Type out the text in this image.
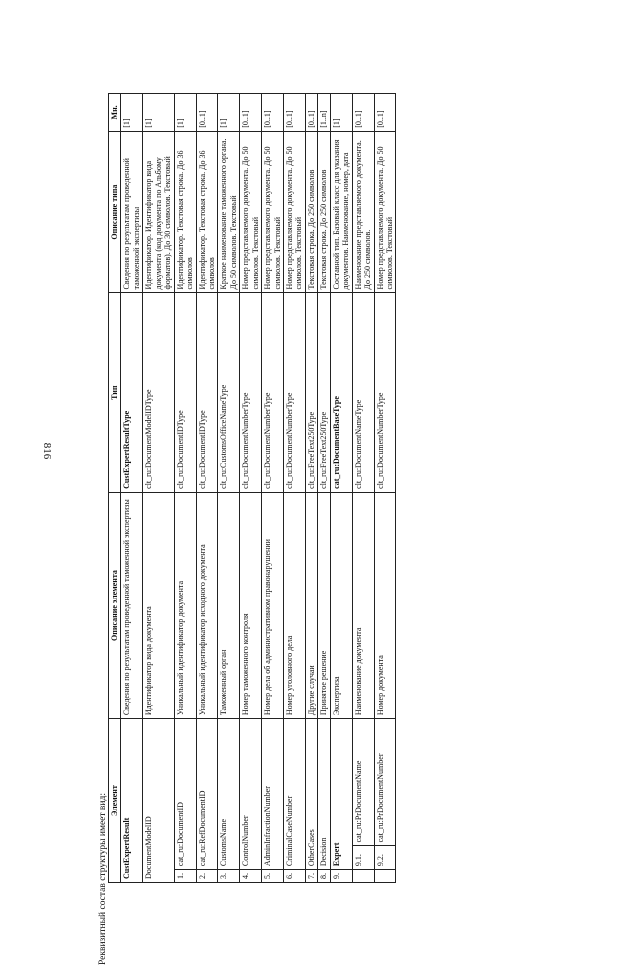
816
Реквизитный состав структуры имеет вид: Элемент			Описание элемента	Тип	Описание типа	Мн.
CustExpertResult			Сведения по результатам проведенной таможенной экспертизы	CustExpertResultType	Сведения по результатам проведенной таможенной экспертизы	[1]
DocumentModelID			Идентификатор вида документа	clt_ru:DocumentModelIDType	Идентификатор. Идентификатор вида документа (код документа по Альбому форматов). До 30 символов. Текстовый	[1]
1.	cat_ru:DocumentID		Уникальный идентификатор документа	clt_ru:DocumentIDType	Идентификатор. Текстовая строка. До 36 символов	[1]
2.	cat_ru:RefDocumentID		Уникальный идентификатор исходного документа	clt_ru:DocumentIDType	Идентификатор. Текстовая строка. До 36 символов	[0..1]
3.	CustomsName		Таможенный орган	clt_ru:CustomsOfficeNameType	Краткое наименование таможенного органа. До 50 символов. Текстовый	[1]
4.	ControlNumber		Номер таможенного контроля	clt_ru:DocumentNumberType	Номер представляемого документа. До 50 символов. Текстовый	[0..1]
5.	AdminInfractionNumber		Номер дела об административном правонарушении	clt_ru:DocumentNumberType	Номер представляемого документа. До 50 символов. Текстовый	[0..1]
6.	CriminalCaseNumber		Номер уголовного дела	clt_ru:DocumentNumberType	Номер представляемого документа. До 50 символов. Текстовый	[0..1]
7.	OtherCases		Другие случаи	clt_ru:FreeText250Type	Текстовая строка. До 250 символов	[0..1]
8.	Decision		Принятое решение	clt_ru:FreeText250Type	Текстовая строка. До 250 символов	[1..n]
9.	Expert		Экспертиза	cat_ru:DocumentBaseType	Составной тип. Базовый класс для указания документов. Наименование, номер, дата	[1]
	9.1.	cat_ru:PrDocumentName	Наименование документа	clt_ru:DocumentNameType	Наименование представляемого документа. До 250 символов.	[0..1]
	9.2.	cat_ru:PrDocumentNumber	Номер документа	clt_ru:DocumentNumberType	Номер представляемого документа. До 50 символов. Текстовый	[0..1]
